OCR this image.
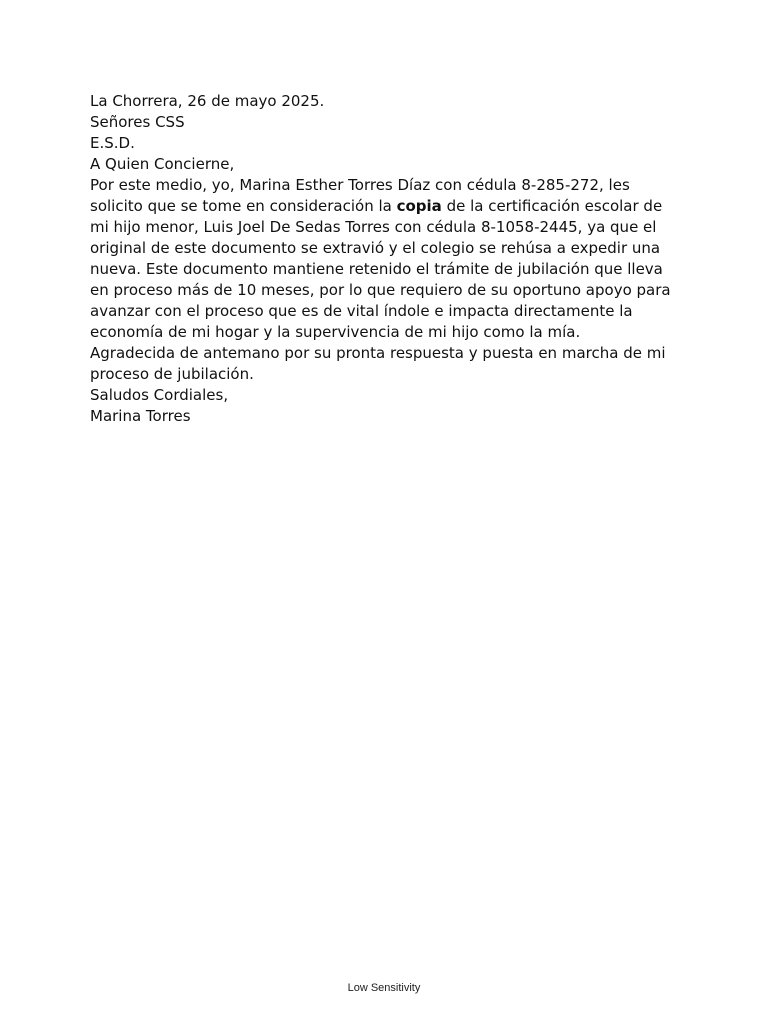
La Chorrera, 26 de mayo 2025.

Señores CSS

E.S.D.

A Quien Concierne,

Por este medio, yo, Marina Esther Torres Díaz con cédula 8-285-272, les solicito que se tome en consideración la copia de la certificación escolar de mi hijo menor, Luis Joel De Sedas Torres con cédula 8-1058-2445, ya que el original de este documento se extravió y el colegio se rehúsa a expedir una nueva. Este documento mantiene retenido el trámite de jubilación que lleva en proceso más de 10 meses, por lo que requiero de su oportuno apoyo para avanzar con el proceso que es de vital índole e impacta directamente la economía de mi hogar y la supervivencia de mi hijo como la mía.

Agradecida de antemano por su pronta respuesta y puesta en marcha de mi proceso de jubilación.

Saludos Cordiales,

Marina Torres

Low Sensitivity
